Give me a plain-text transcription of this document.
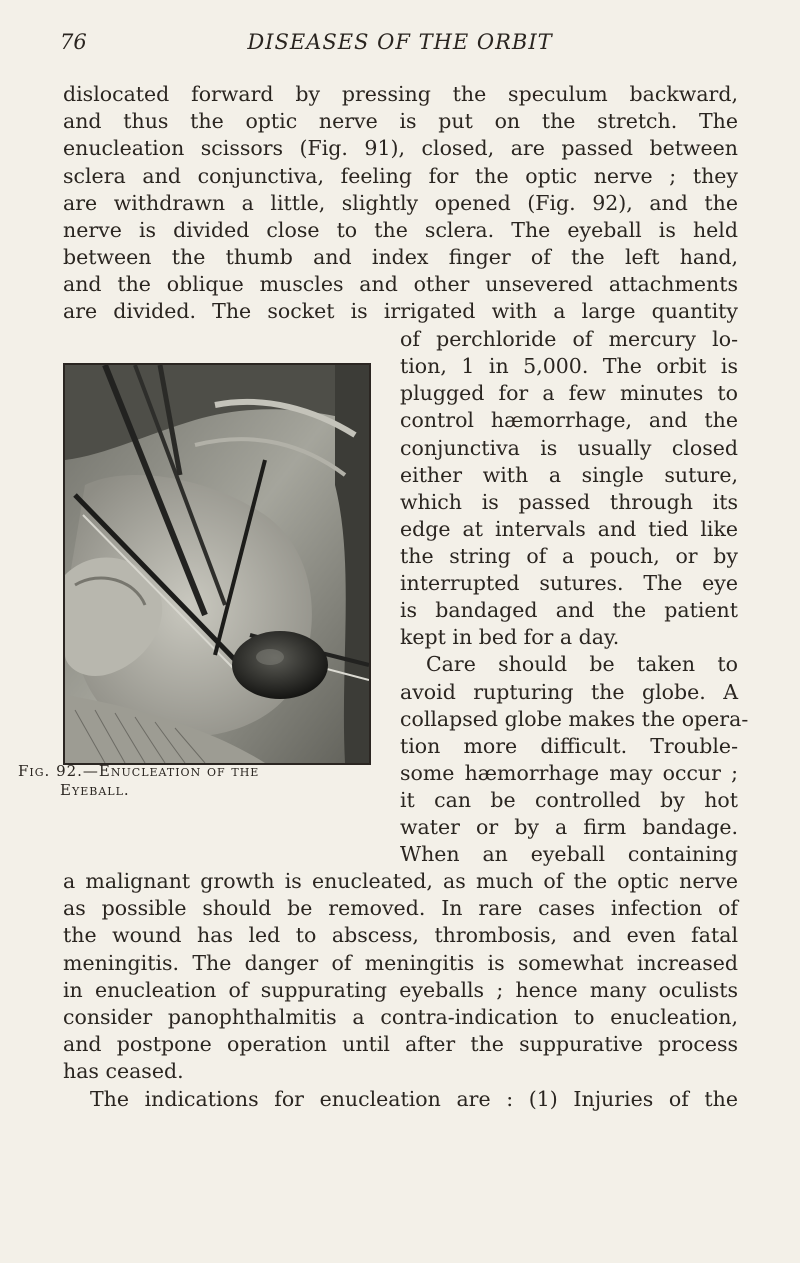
76	DISEASES OF THE ORBIT
dislocated forward by pressing the speculum backward,
and thus the optic nerve is put on the stretch. The
enucleation scissors (Fig. 91), closed, are passed between
sclera and conjunctiva, feeling for the optic nerve ; they
are withdrawn a little, slightly opened (Fig. 92), and the
nerve is divided close to the sclera. The eyeball is held
between the thumb and index finger of the left hand,
and the oblique muscles and other unsevered attachments
are divided. The socket is irrigated with a large quantity
of perchloride of mercury lo-
tion, 1 in 5,000. The orbit is
plugged for a few minutes to
control hæmorrhage, and the
conjunctiva is usually closed
either with a single suture,
which is passed through its
edge at intervals and tied like
the string of a pouch, or by
interrupted sutures. The eye
is bandaged and the patient
kept in bed for a day.
Care should be taken to
avoid rupturing the globe. A
collapsed globe makes the opera-
tion more difficult. Trouble-
some hæmorrhage may occur ;
it can be controlled by hot
water or by a firm bandage.
When an eyeball containing
a malignant growth is enucleated, as much of the optic nerve
as possible should be removed. In rare cases infection of
the wound has led to abscess, thrombosis, and even fatal
meningitis. The danger of meningitis is somewhat increased
in enucleation of suppurating eyeballs ; hence many oculists
consider panophthalmitis a contra-indication to enucleation,
and postpone operation until after the suppurative process
has ceased.
The indications for enucleation are : (1) Injuries of the
Fig. 92.—Enucleation of the
Eyeball.
